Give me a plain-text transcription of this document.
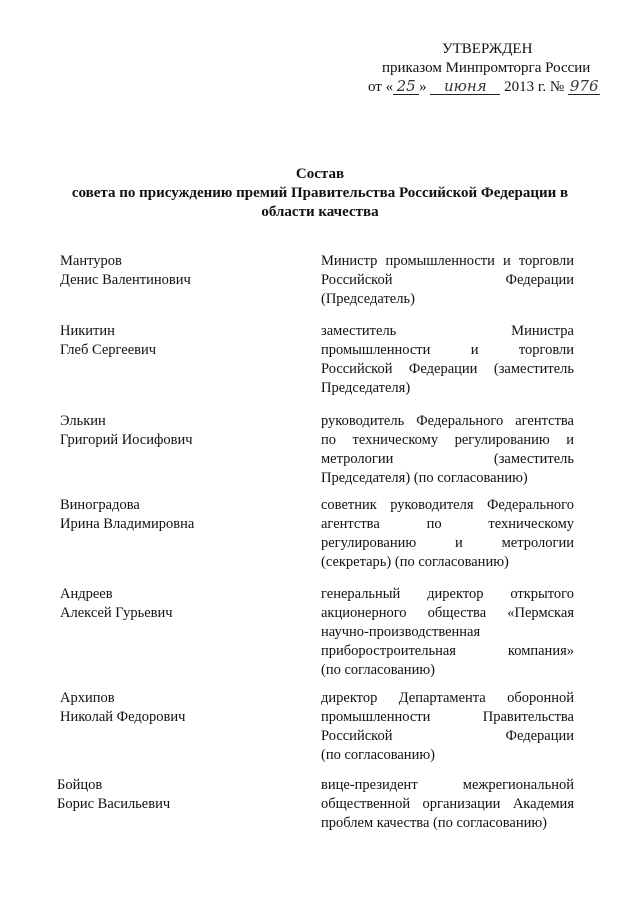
УТВЕРЖДЕН
приказом Минпромторга России
от « 25 » июня 2013 г. № 976
Состав
совета по присуждению премий Правительства Российской Федерации в
области качества
Мантуров
Денис Валентинович
Министр промышленности и торговли
Российской Федерации
(Председатель)
Никитин
Глеб Сергеевич
заместитель Министра
промышленности и торговли
Российской Федерации (заместитель
Председателя)
Элькин
Григорий Иосифович
руководитель Федерального агентства
по техническому регулированию и
метрологии (заместитель
Председателя) (по согласованию)
Виноградова
Ирина Владимировна
советник руководителя Федерального
агентства по техническому
регулированию и метрологии
(секретарь) (по согласованию)
Андреев
Алексей Гурьевич
генеральный директор открытого
акционерного общества «Пермская
научно-производственная
приборостроительная компания»
(по согласованию)
Архипов
Николай Федорович
директор Департамента оборонной
промышленности Правительства
Российской Федерации
(по согласованию)
Бойцов
Борис Васильевич
вице-президент межрегиональной
общественной организации Академия
проблем качества (по согласованию)
